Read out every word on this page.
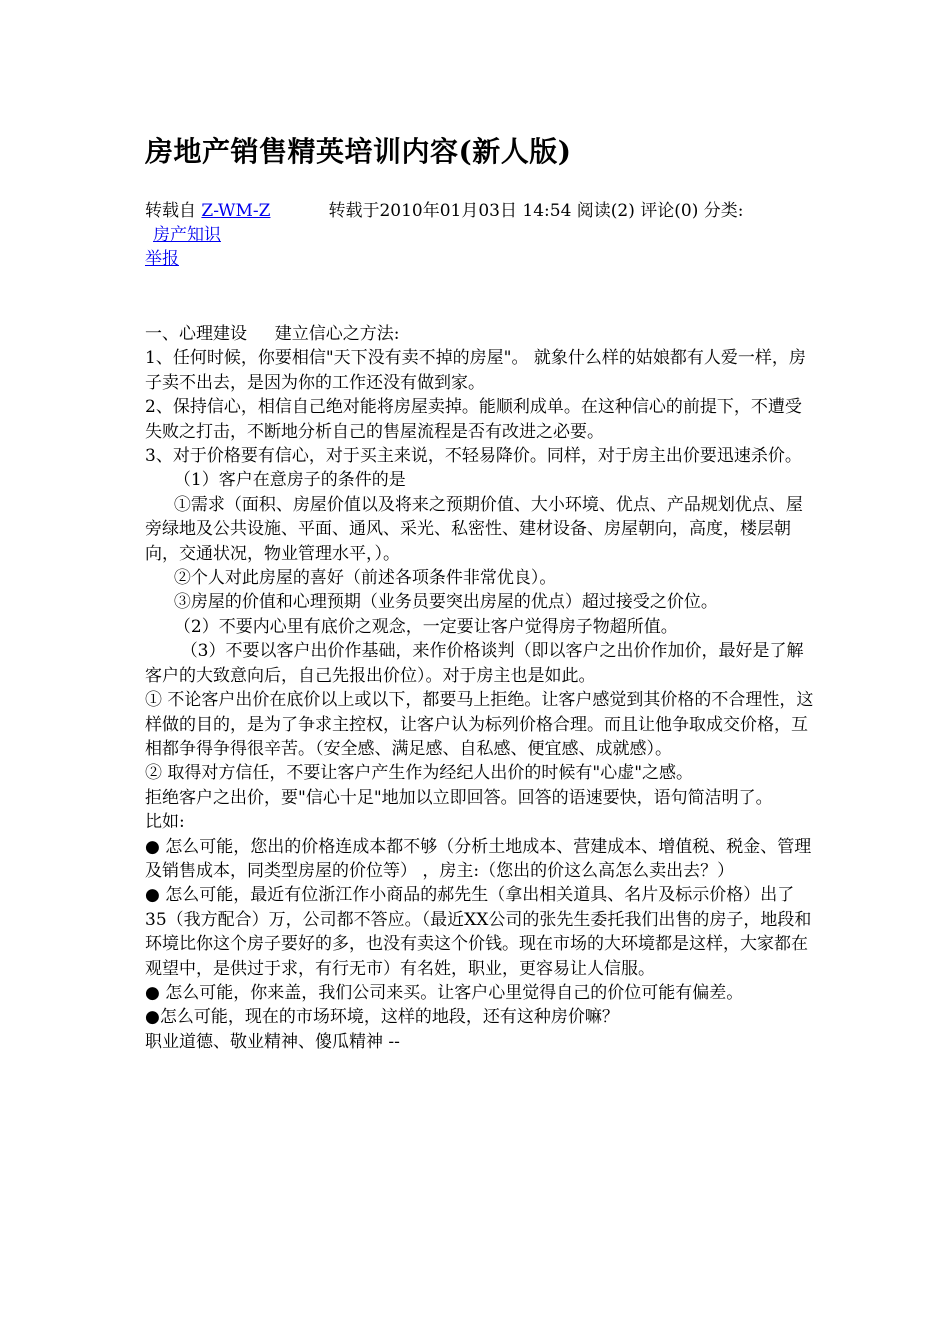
房地产销售精英培训内容(新人版)
转载自 Z-WM-Z	转载于2010年01月03日 14:54 阅读(2) 评论(0) 分类:
房产知识
举报

一、心理建设 　 建立信心之方法:

1、任何时候，你要相信"天下没有卖不掉的房屋"。 就象什么样的姑娘都有人爱一样，房子卖不出去，是因为你的工作还没有做到家。

2、保持信心，相信自己绝对能将房屋卖掉。能顺利成单。在这种信心的前提下，不遭受失败之打击，不断地分析自己的售屋流程是否有改进之必要。

3、对于价格要有信心，对于买主来说，不轻易降价。同样，对于房主出价要迅速杀价。

（1）客户在意房子的条件的是

①需求（面积、房屋价值以及将来之预期价值、大小环境、优点、产品规划优点、屋旁绿地及公共设施、平面、通风、采光、私密性、建材设备、房屋朝向，高度，楼层朝向，交通状况，物业管理水平，）。

②个人对此房屋的喜好（前述各项条件非常优良）。

③房屋的价值和心理预期（业务员要突出房屋的优点）超过接受之价位。

（2）不要内心里有底价之观念，一定要让客户觉得房子物超所值。

（3）不要以客户出价作基础，来作价格谈判（即以客户之出价作加价，最好是了解客户的大致意向后，自己先报出价位）。对于房主也是如此。

① 不论客户出价在底价以上或以下，都要马上拒绝。让客户感觉到其价格的不合理性，这样做的目的，是为了争求主控权，让客户认为标列价格合理。而且让他争取成交价格，互相都争得争得很辛苦。（安全感、满足感、自私感、便宜感、成就感）。

② 取得对方信任，不要让客户产生作为经纪人出价的时候有"心虚"之感。

拒绝客户之出价，要"信心十足"地加以立即回答。回答的语速要快，语句简洁明了。

比如:

● 怎么可能，您出的价格连成本都不够（分析土地成本、营建成本、增值税、税金、管理及销售成本，同类型房屋的价位等） ，房主:（您出的价这么高怎么卖出去？）

● 怎么可能，最近有位浙江作小商品的郝先生（拿出相关道具、名片及标示价格）出了35（我方配合）万，公司都不答应。（最近XX公司的张先生委托我们出售的房子，地段和环境比你这个房子要好的多，也没有卖这个价钱。现在市场的大环境都是这样，大家都在观望中，是供过于求，有行无市）有名姓，职业，更容易让人信服。

● 怎么可能，你来盖，我们公司来买。让客户心里觉得自己的价位可能有偏差。

●怎么可能，现在的市场环境，这样的地段，还有这种房价嘛？

职业道德、敬业精神、傻瓜精神 --
